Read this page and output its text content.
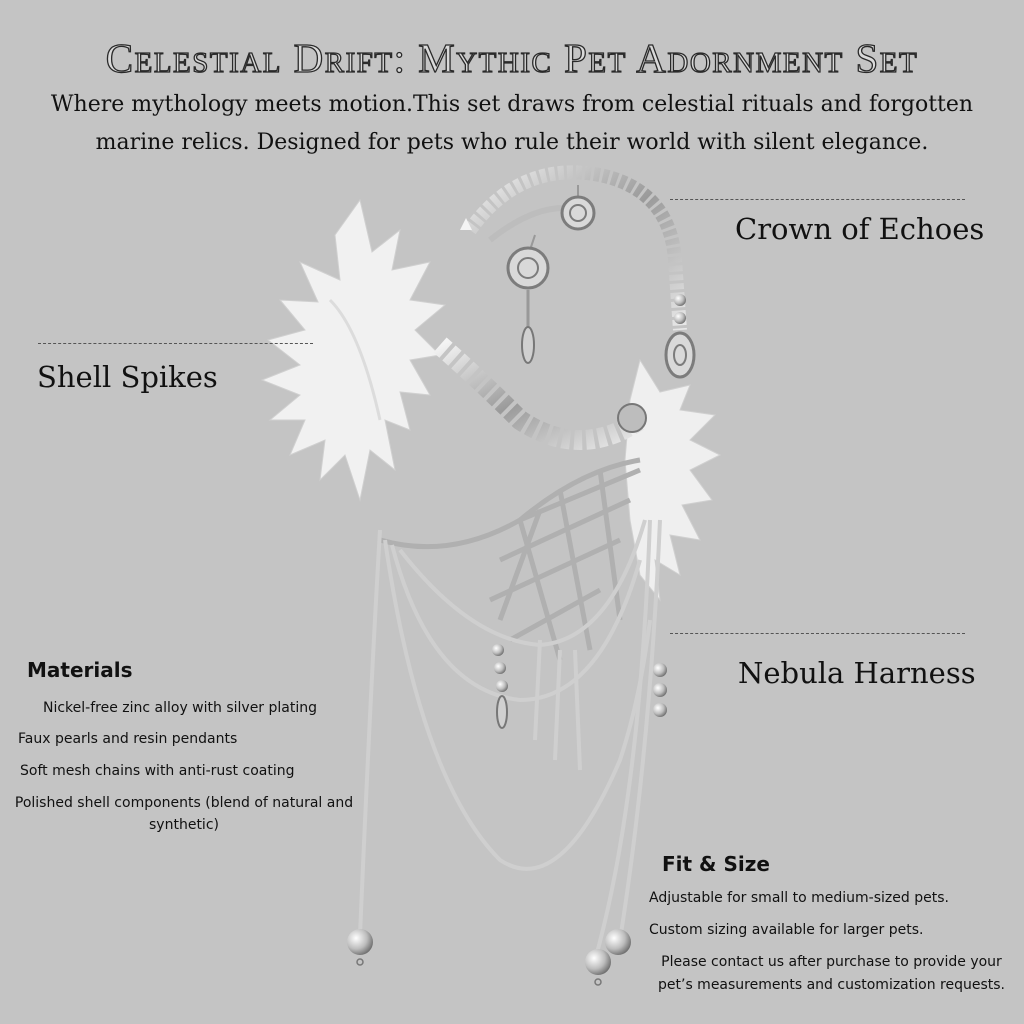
Celestial Drift: Mythic Pet Adornment Set
Where mythology meets motion.This set draws from celestial rituals and forgotten marine relics. Designed for pets who rule their world with silent elegance.
Crown of Echoes
Shell Spikes
Nebula Harness
Materials
Nickel-free zinc alloy with silver plating
Faux pearls and resin pendants
Soft mesh chains with anti-rust coating
Polished shell components (blend of natural and synthetic)
Fit & Size
Adjustable for small to medium-sized pets.
Custom sizing available for larger pets.
Please contact us after purchase to provide your pet’s measurements and customization requests.
